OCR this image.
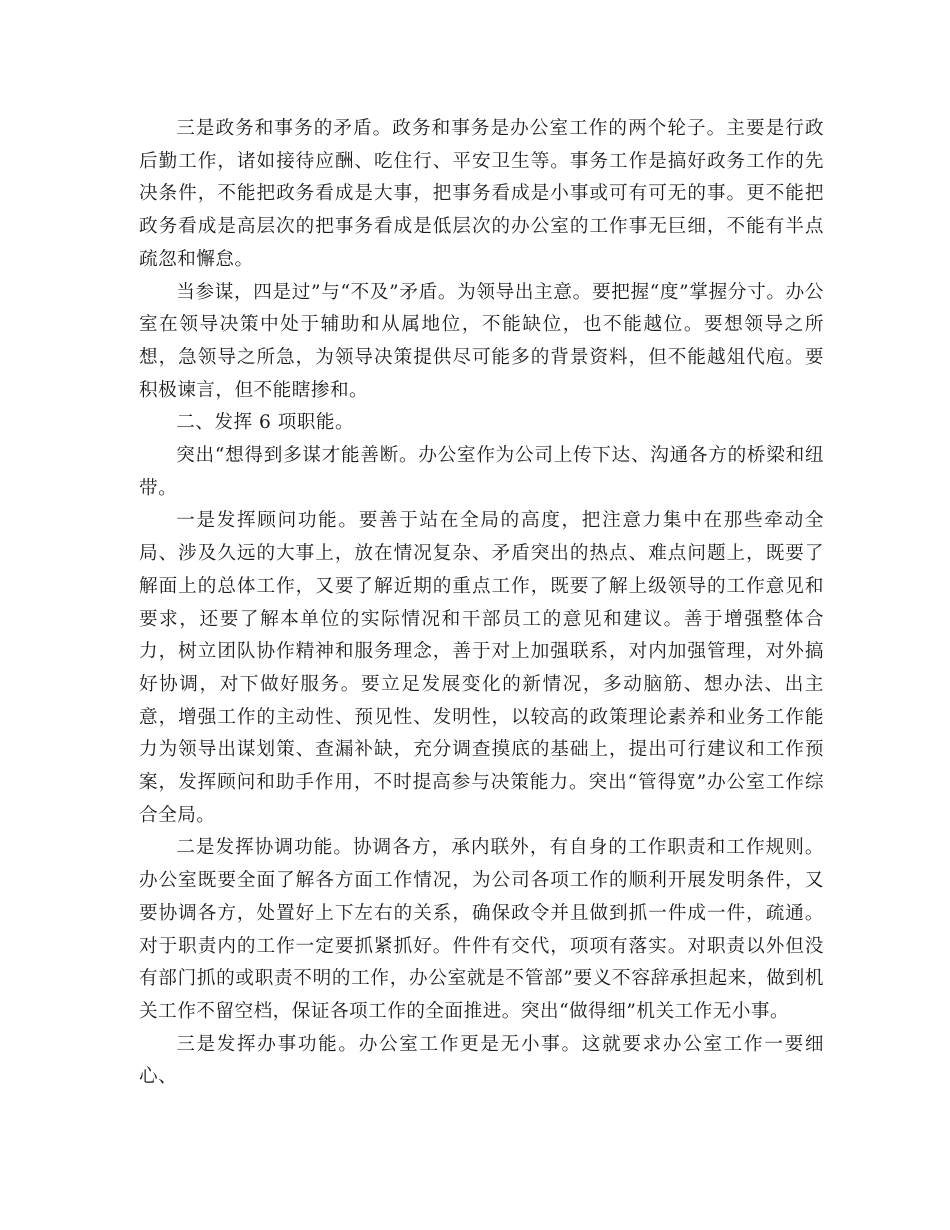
三是政务和事务的矛盾。政务和事务是办公室工作的两个轮子。主要是行政后勤工作，诸如接待应酬、吃住行、平安卫生等。事务工作是搞好政务工作的先决条件，不能把政务看成是大事，把事务看成是小事或可有可无的事。更不能把政务看成是高层次的把事务看成是低层次的办公室的工作事无巨细，不能有半点疏忽和懈怠。

当参谋，四是过”与“不及”矛盾。为领导出主意。要把握“度”掌握分寸。办公室在领导决策中处于辅助和从属地位，不能缺位，也不能越位。要想领导之所想，急领导之所急，为领导决策提供尽可能多的背景资料，但不能越俎代庖。要积极谏言，但不能瞎掺和。

二、发挥 6 项职能。

突出“想得到多谋才能善断。办公室作为公司上传下达、沟通各方的桥梁和纽带。

一是发挥顾问功能。要善于站在全局的高度，把注意力集中在那些牵动全局、涉及久远的大事上，放在情况复杂、矛盾突出的热点、难点问题上，既要了解面上的总体工作，又要了解近期的重点工作，既要了解上级领导的工作意见和要求，还要了解本单位的实际情况和干部员工的意见和建议。善于增强整体合力，树立团队协作精神和服务理念，善于对上加强联系，对内加强管理，对外搞好协调，对下做好服务。要立足发展变化的新情况，多动脑筋、想办法、出主意，增强工作的主动性、预见性、发明性，以较高的政策理论素养和业务工作能力为领导出谋划策、查漏补缺，充分调查摸底的基础上，提出可行建议和工作预案，发挥顾问和助手作用，不时提高参与决策能力。突出“管得宽”办公室工作综合全局。

二是发挥协调功能。协调各方，承内联外，有自身的工作职责和工作规则。办公室既要全面了解各方面工作情况，为公司各项工作的顺利开展发明条件，又要协调各方，处置好上下左右的关系，确保政令并且做到抓一件成一件，疏通。对于职责内的工作一定要抓紧抓好。件件有交代，项项有落实。对职责以外但没有部门抓的或职责不明的工作，办公室就是不管部”要义不容辞承担起来，做到机关工作不留空档，保证各项工作的全面推进。突出“做得细”机关工作无小事。

三是发挥办事功能。办公室工作更是无小事。这就要求办公室工作一要细心、
